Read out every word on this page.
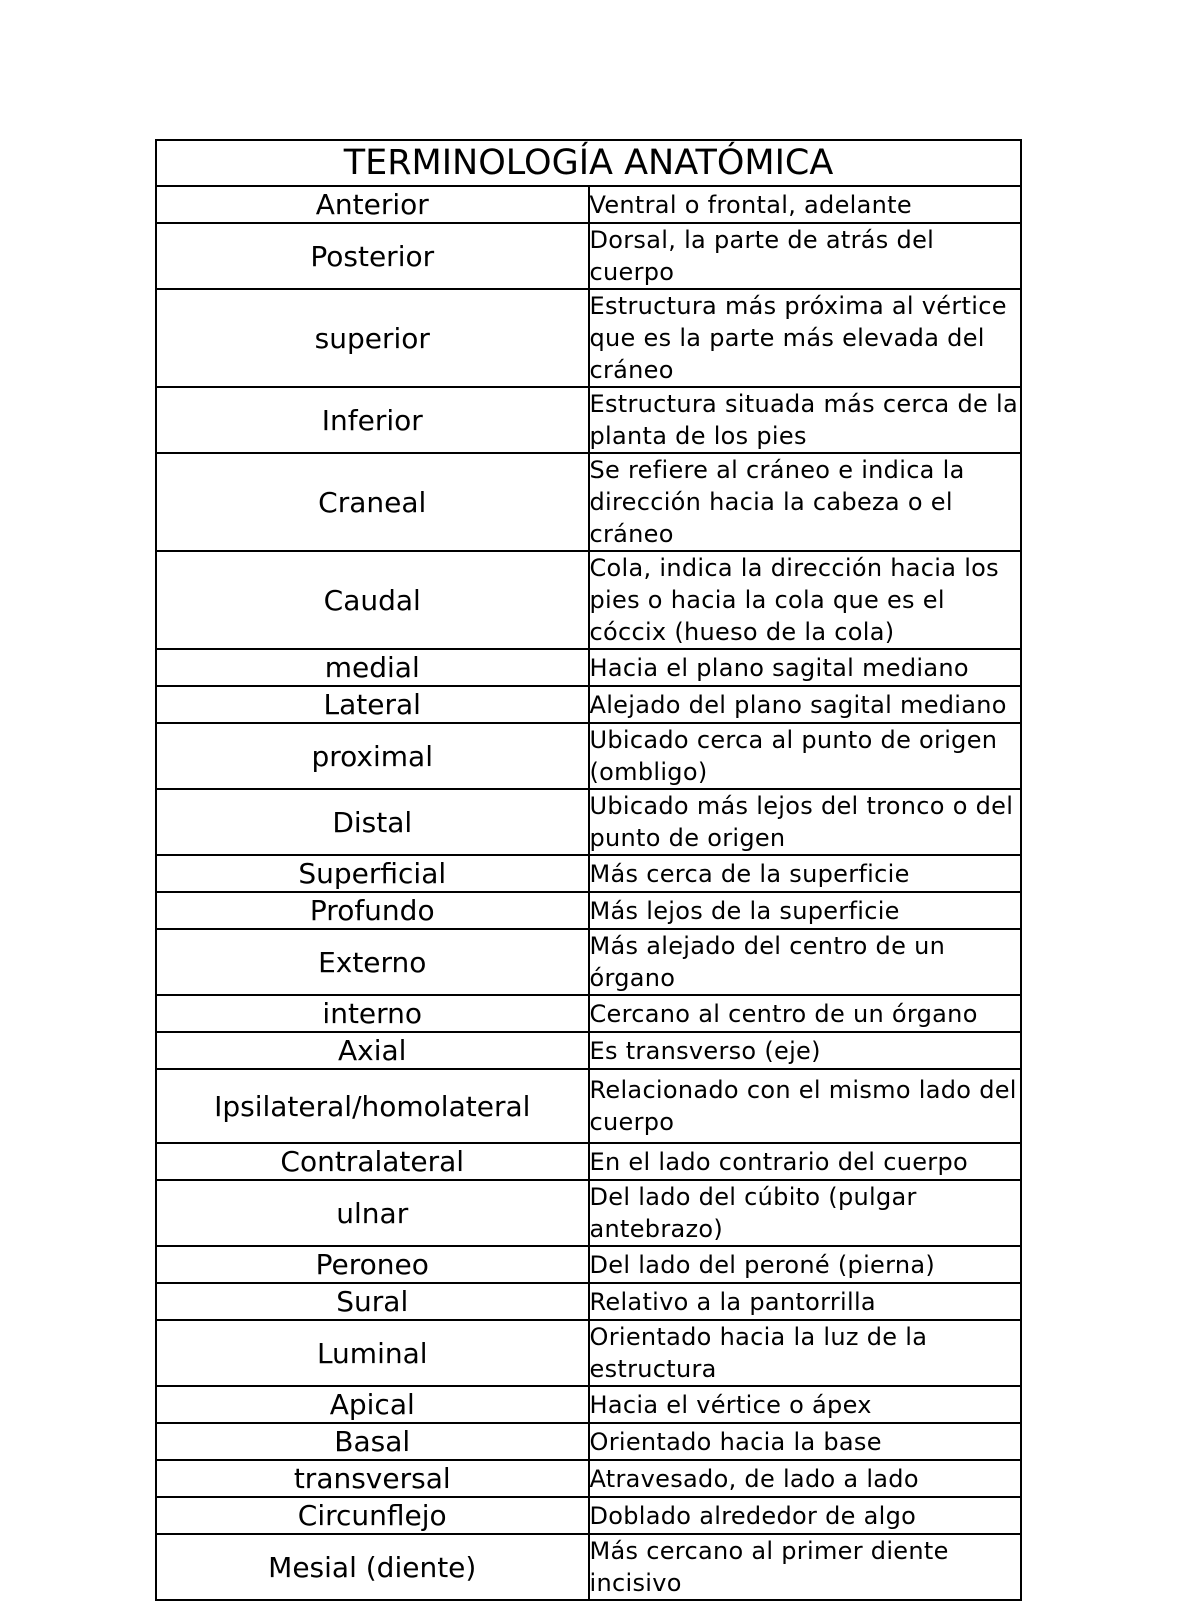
TERMINOLOGÍA ANATÓMICA	
Anterior	Ventral o frontal, adelante
Posterior	Dorsal, la parte de atrás del cuerpo
superior	Estructura más próxima al vértice que es la parte más elevada del cráneo
Inferior	Estructura situada más cerca de la planta de los pies
Craneal	Se refiere al cráneo e indica la dirección hacia la cabeza o el cráneo
Caudal	Cola, indica la dirección hacia los pies o hacia la cola que es el cóccix (hueso de la cola)
medial	Hacia el plano sagital mediano
Lateral	Alejado del plano sagital mediano
proximal	Ubicado cerca al punto de origen (ombligo)
Distal	Ubicado más lejos del tronco o del punto de origen
Superficial	Más cerca de la superficie
Profundo	Más lejos de la superficie
Externo	Más alejado del centro de un órgano
interno	Cercano al centro de un órgano
Axial	Es transverso (eje)
Ipsilateral/homolateral	Relacionado con el mismo lado del cuerpo
Contralateral	En el lado contrario del cuerpo
ulnar	Del lado del cúbito (pulgar antebrazo)
Peroneo	Del lado del peroné (pierna)
Sural	Relativo a la pantorrilla
Luminal	Orientado hacia la luz de la estructura
Apical	Hacia el vértice o ápex
Basal	Orientado hacia la base
transversal	Atravesado, de lado a lado
Circunflejo	Doblado alrededor de algo
Mesial (diente)	Más cercano al primer diente incisivo
